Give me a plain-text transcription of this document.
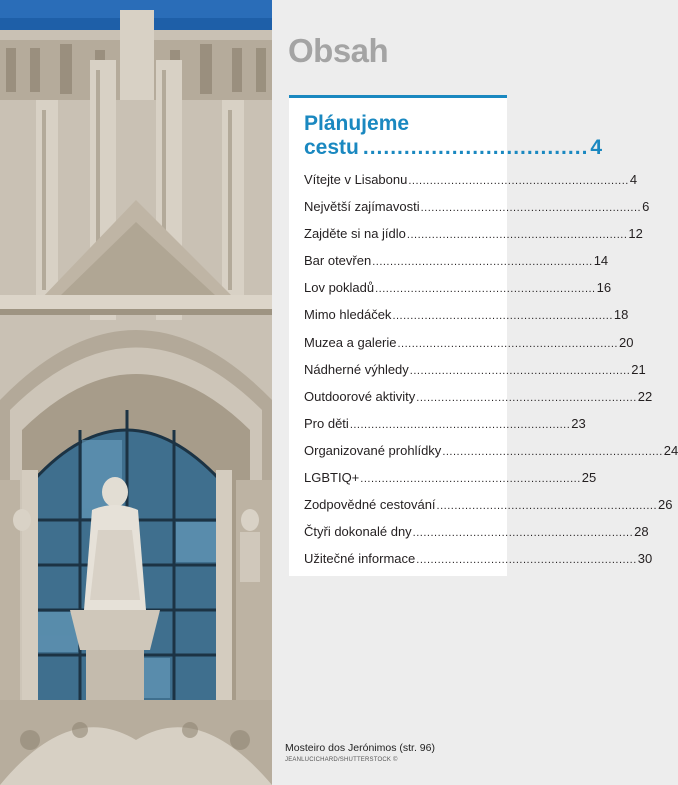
Obsah
Plánujeme
cestu ................................. 4
Vítejte v Lisabonu .............................................................. 4
Největší zajímavosti .............................................................. 6
Zajděte si na jídlo .............................................................. 12
Bar otevřen .............................................................. 14
Lov pokladů .............................................................. 16
Mimo hledáček .............................................................. 18
Muzea a galerie .............................................................. 20
Nádherné výhledy .............................................................. 21
Outdoorové aktivity .............................................................. 22
Pro děti .............................................................. 23
Organizované prohlídky .............................................................. 24
LGBTIQ+ .............................................................. 25
Zodpovědné cestování .............................................................. 26
Čtyři dokonalé dny .............................................................. 28
Užitečné informace .............................................................. 30
Mosteiro dos Jerónimos (str. 96)
JEANLUCICHARD/SHUTTERSTOCK ©
